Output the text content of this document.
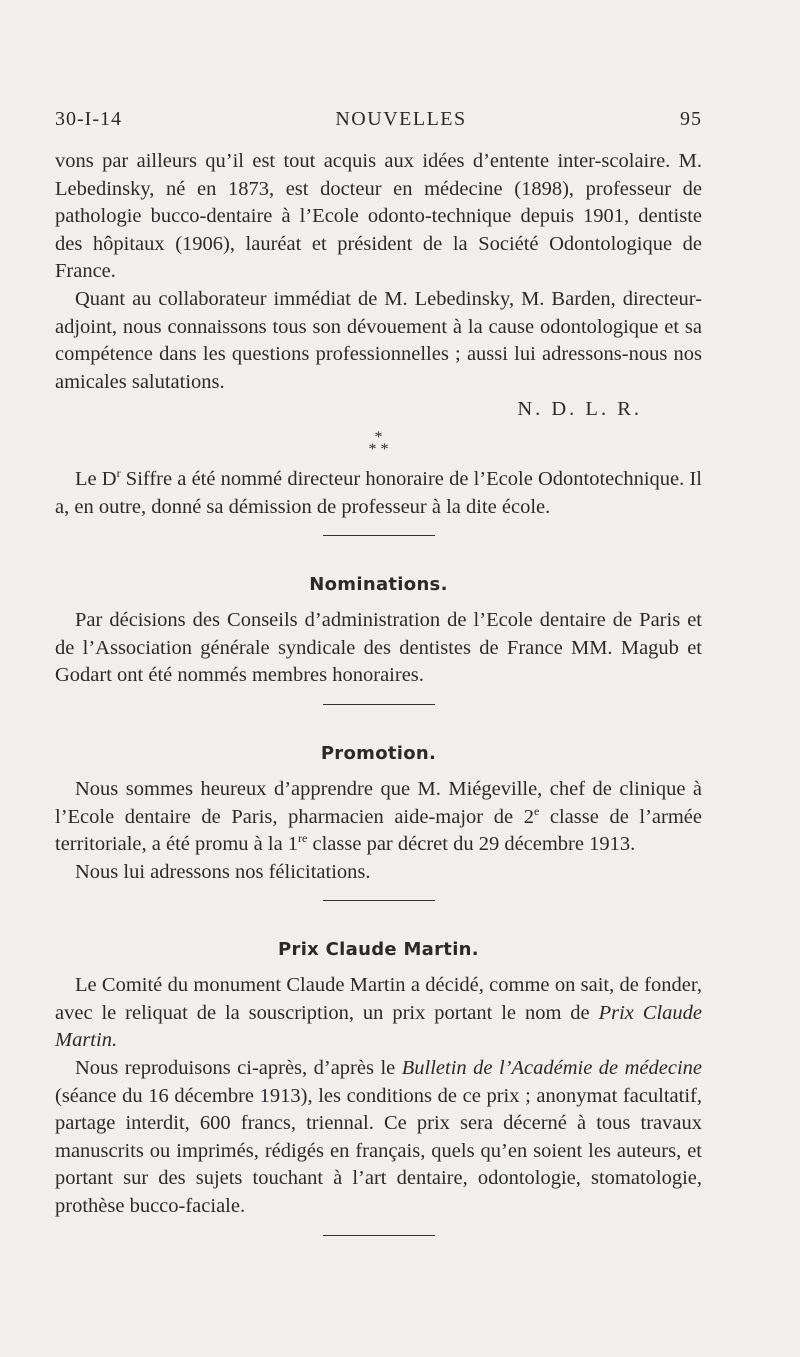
30-I-14	NOUVELLES	95

vons par ailleurs qu’il est tout acquis aux idées d’entente inter-scolaire. M. Lebedinsky, né en 1873, est docteur en médecine (1898), professeur de pathologie bucco-dentaire à l’Ecole odonto-technique depuis 1901, dentiste des hôpitaux (1906), lauréat et président de la Société Odontologique de France.

Quant au collaborateur immédiat de M. Lebedinsky, M. Barden, directeur-adjoint, nous connaissons tous son dévouement à la cause odontologique et sa compétence dans les questions professionnelles ; aussi lui adressons-nous nos amicales salutations.

N. D. L. R.
*
* *

Le $D^r$ Siffre a été nommé directeur honoraire de l’Ecole Odontotechnique. Il a, en outre, donné sa démission de professeur à la dite école.

Nominations.

Par décisions des Conseils d’administration de l’Ecole dentaire de Paris et de l’Association générale syndicale des dentistes de France MM. Magub et Godart ont été nommés membres honoraires.

Promotion.

Nous sommes heureux d’apprendre que M. Miégeville, chef de clinique à l’Ecole dentaire de Paris, pharmacien aide-major de 2e classe de l’armée territoriale, a été promu à la 1re classe par décret du 29 décembre 1913.

Nous lui adressons nos félicitations.

Prix Claude Martin.

Le Comité du monument Claude Martin a décidé, comme on sait, de fonder, avec le reliquat de la souscription, un prix portant le nom de Prix Claude Martin.

Nous reproduisons ci-après, d’après le Bulletin de l’Académie de médecine (séance du 16 décembre 1913), les conditions de ce prix ; anonymat facultatif, partage interdit, 600 francs, triennal. Ce prix sera décerné à tous travaux manuscrits ou imprimés, rédigés en français, quels qu’en soient les auteurs, et portant sur des sujets touchant à l’art dentaire, odontologie, stomatologie, prothèse bucco-faciale.
